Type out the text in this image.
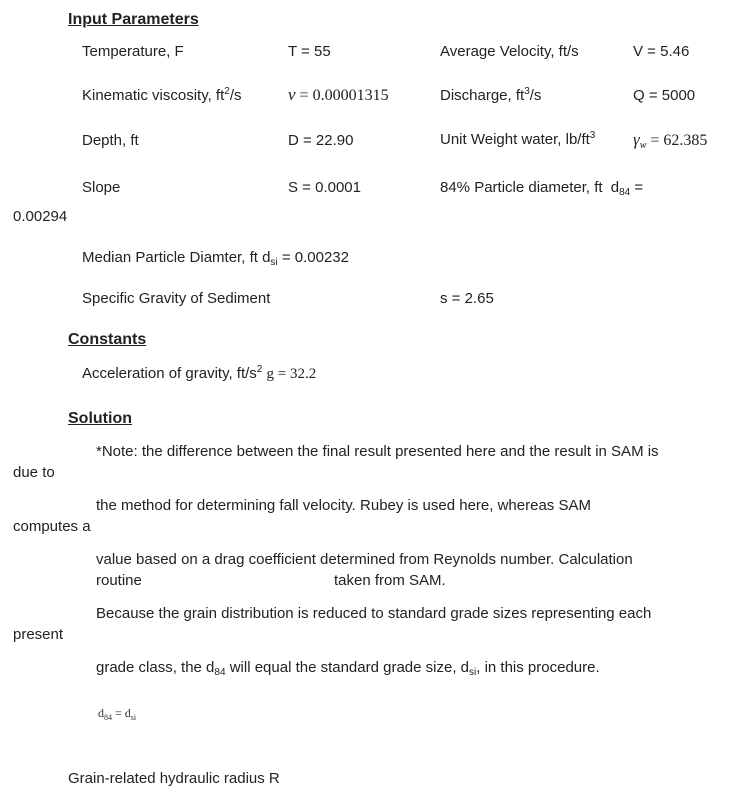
Input Parameters
Temperature, F	T = 55	Average Velocity, ft/s	V = 5.46
Kinematic viscosity, $ft^2/s$	ν = 0.00001315	Discharge, $ft^3/s$	Q = 5000
Depth, ft	D = 22.90	Unit Weight water, $lb/ft^3$ $\gamma_w = 62.385$
Slope	S = 0.0001	84% Particle diameter, ft $d_{84}$ =
0.00294
Median Particle Diamter, ft $d_{si} = 0.00232$
Specific Gravity of Sediment	s = 2.65
Constants
Acceleration of gravity, $ft/s^2$ g = 32.2
Solution
*Note: the difference between the final result presented here and the result in SAM is
due to
the method for determining fall velocity. Rubey is used here, whereas SAM
computes a
value based on a drag coefficient determined from Reynolds number. Calculation
routine	taken from SAM.
Because the grain distribution is reduced to standard grade sizes representing each
present
grade class, the $d_{84}$ will equal the standard grade size, $d_{si}$, in this procedure.
$d_{84} = d_{si}$
Grain-related hydraulic radius R
